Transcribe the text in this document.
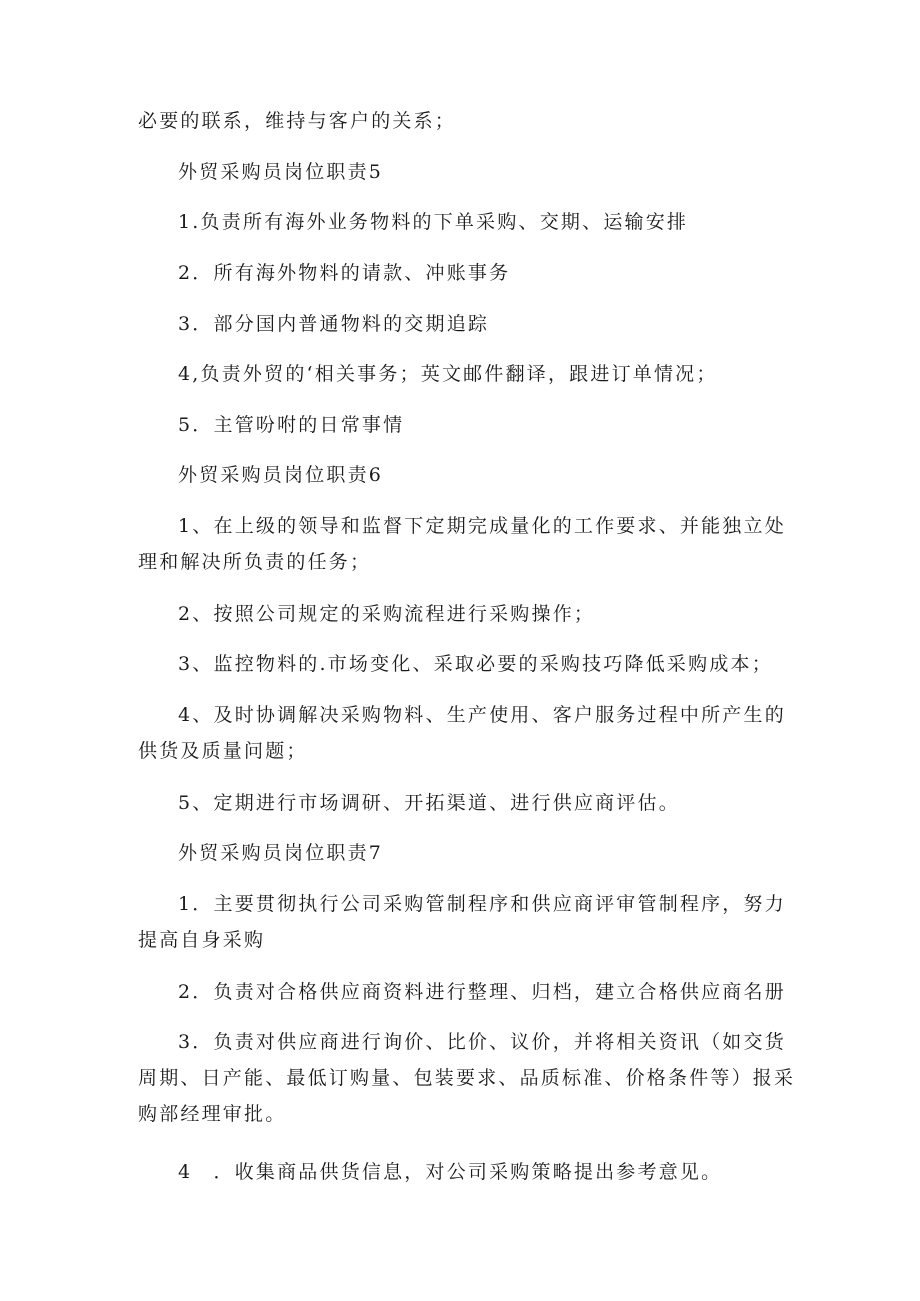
必要的联系，维持与客户的关系；
外贸采购员岗位职责5
1.负责所有海外业务物料的下单采购、交期、运输安排
2．所有海外物料的请款、冲账事务
3．部分国内普通物料的交期追踪
4,负责外贸的‘相关事务；英文邮件翻译，跟进订单情况；
5．主管吩咐的日常事情
外贸采购员岗位职责6
1、在上级的领导和监督下定期完成量化的工作要求、并能独立处理和解决所负责的任务；
2、按照公司规定的采购流程进行采购操作；
3、监控物料的.市场变化、采取必要的采购技巧降低采购成本；
4、及时协调解决采购物料、生产使用、客户服务过程中所产生的供货及质量问题；
5、定期进行市场调研、开拓渠道、进行供应商评估。
外贸采购员岗位职责7
1．主要贯彻执行公司采购管制程序和供应商评审管制程序，努力提高自身采购
2．负责对合格供应商资料进行整理、归档，建立合格供应商名册
3．负责对供应商进行询价、比价、议价，并将相关资讯（如交货周期、日产能、最低订购量、包装要求、品质标准、价格条件等）报采购部经理审批。
4　．收集商品供货信息，对公司采购策略提出参考意见。
